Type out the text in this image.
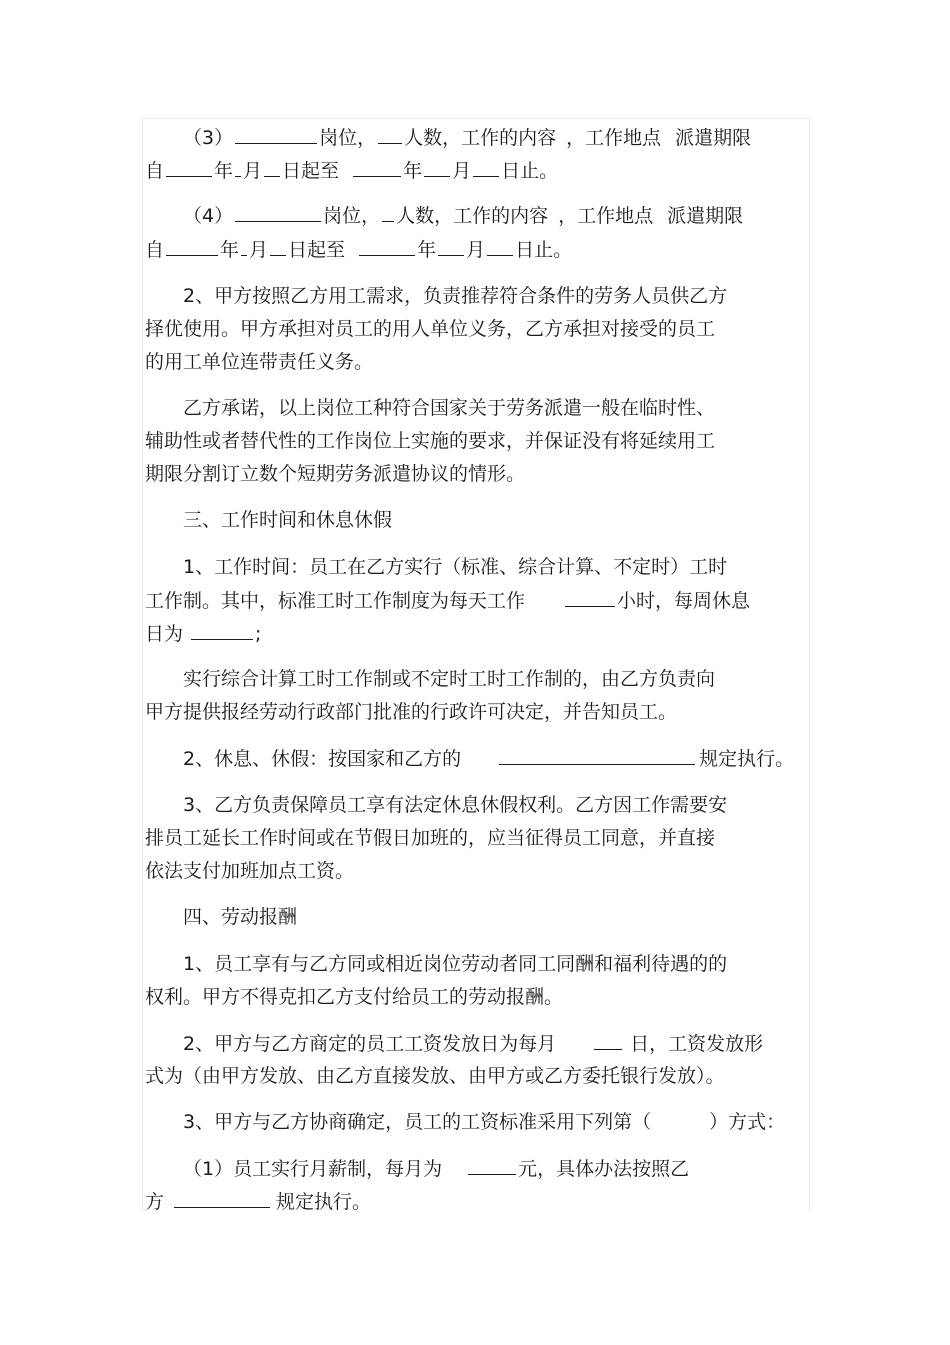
（3）	岗位， 人数，工作的内容 ，工作地点 派遣期限
自	年 月 日起至	年 月 日止。
（4）	岗位， 人数，工作的内容 ，工作地点 派遣期限
自	年 月 日起至	年 月 日止。
2、甲方按照乙方用工需求，负责推荐符合条件的劳务人员供乙方
择优使用。甲方承担对员工的用人单位义务，乙方承担对接受的员工
的用工单位连带责任义务。
乙方承诺，以上岗位工种符合国家关于劳务派遣一般在临时性、
辅助性或者替代性的工作岗位上实施的要求，并保证没有将延续用工
期限分割订立数个短期劳务派遣协议的情形。
三、工作时间和休息休假
1、工作时间：员工在乙方实行（标准、综合计算、不定时）工时
工作制。其中，标准工时工作制度为每天工作	小时，每周休息
日为	;
实行综合计算工时工作制或不定时工时工作制的，由乙方负责向
甲方提供报经劳动行政部门批准的行政许可决定，并告知员工。
2、休息、休假：按国家和乙方的	规定执行。
3、乙方负责保障员工享有法定休息休假权利。乙方因工作需要安
排员工延长工作时间或在节假日加班的，应当征得员工同意，并直接
依法支付加班加点工资。
四、劳动报酬
1、员工享有与乙方同或相近岗位劳动者同工同酬和福利待遇的的
权利。甲方不得克扣乙方支付给员工的劳动报酬。
2、甲方与乙方商定的员工工资发放日为每月	日，工资发放形
式为（由甲方发放、由乙方直接发放、由甲方或乙方委托银行发放）。
3、甲方与乙方协商确定，员工的工资标准采用下列第（	）方式：
（1）员工实行月薪制，每月为	元，具体办法按照乙
方	规定执行。
